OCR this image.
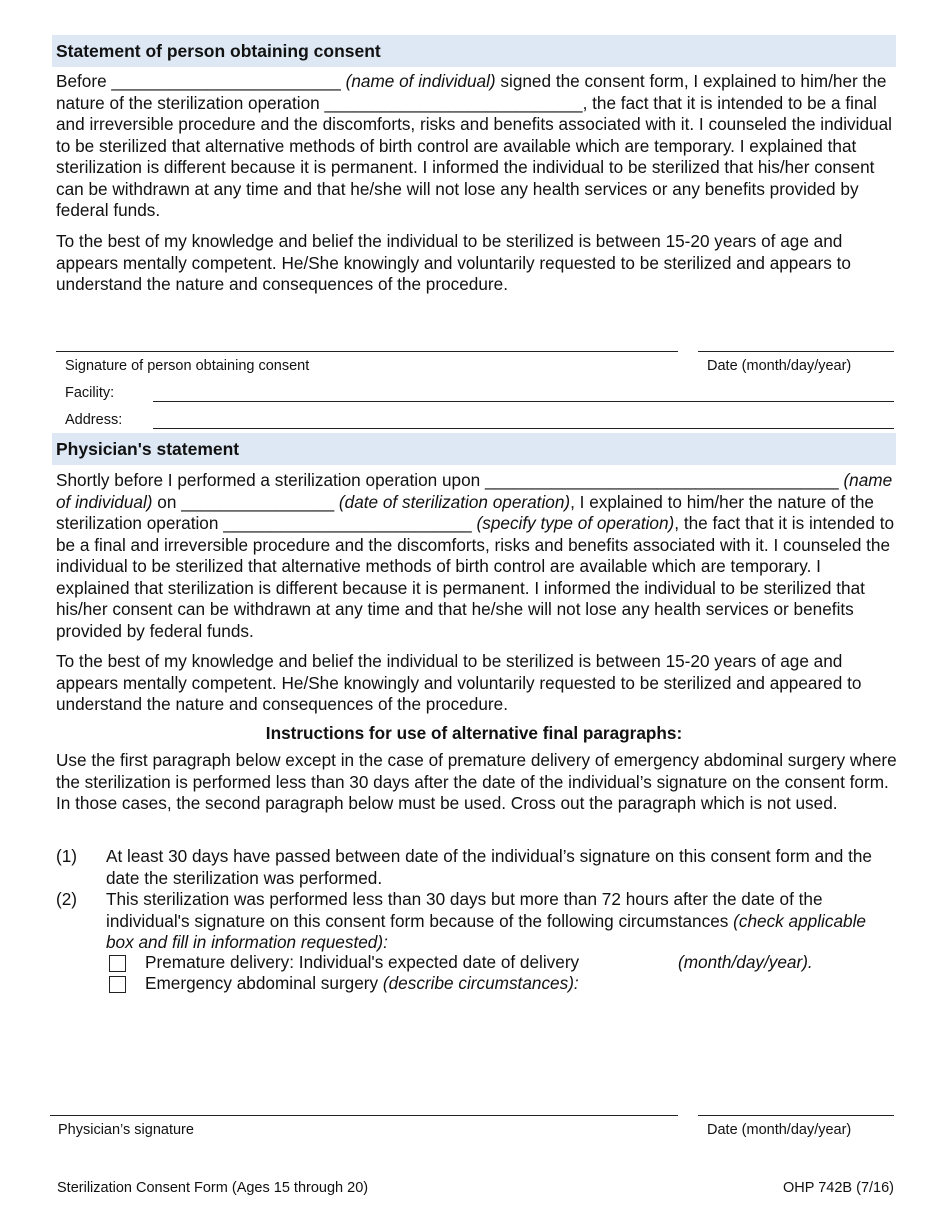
Statement of person obtaining consent
Before ________________________ (name of individual) signed the consent form, I explained to him/her the nature of the sterilization operation ___________________________, the fact that it is intended to be a final and irreversible procedure and the discomforts, risks and benefits associated with it. I counseled the individual to be sterilized that alternative methods of birth control are available which are temporary. I explained that sterilization is different because it is permanent. I informed the individual to be sterilized that his/her consent can be withdrawn at any time and that he/she will not lose any health services or any benefits provided by federal funds.
To the best of my knowledge and belief the individual to be sterilized is between 15-20 years of age and appears mentally competent. He/She knowingly and voluntarily requested to be sterilized and appears to understand the nature and consequences of the procedure.
Signature of person obtaining consent	Date (month/day/year)
Facility:
Address:
Physician's statement
Shortly before I performed a sterilization operation upon _____________________________________ (name of individual) on ________________ (date of sterilization operation), I explained to him/her the nature of the sterilization operation __________________________ (specify type of operation), the fact that it is intended to be a final and irreversible procedure and the discomforts, risks and benefits associated with it. I counseled the individual to be sterilized that alternative methods of birth control are available which are temporary. I explained that sterilization is different because it is permanent. I informed the individual to be sterilized that his/her consent can be withdrawn at any time and that he/she will not lose any health services or benefits provided by federal funds.
To the best of my knowledge and belief the individual to be sterilized is between 15-20 years of age and appears mentally competent. He/She knowingly and voluntarily requested to be sterilized and appeared to understand the nature and consequences of the procedure.
Instructions for use of alternative final paragraphs:
Use the first paragraph below except in the case of premature delivery of emergency abdominal surgery where the sterilization is performed less than 30 days after the date of the individual’s signature on the consent form. In those cases, the second paragraph below must be used. Cross out the paragraph which is not used.
(1) At least 30 days have passed between date of the individual’s signature on this consent form and the date the sterilization was performed.
(2) This sterilization was performed less than 30 days but more than 72 hours after the date of the individual's signature on this consent form because of the following circumstances (check applicable box and fill in information requested):
Premature delivery: Individual's expected date of delivery	(month/day/year).
Emergency abdominal surgery (describe circumstances):
Physician’s signature	Date (month/day/year)
Sterilization Consent Form (Ages 15 through 20)	OHP 742B (7/16)
